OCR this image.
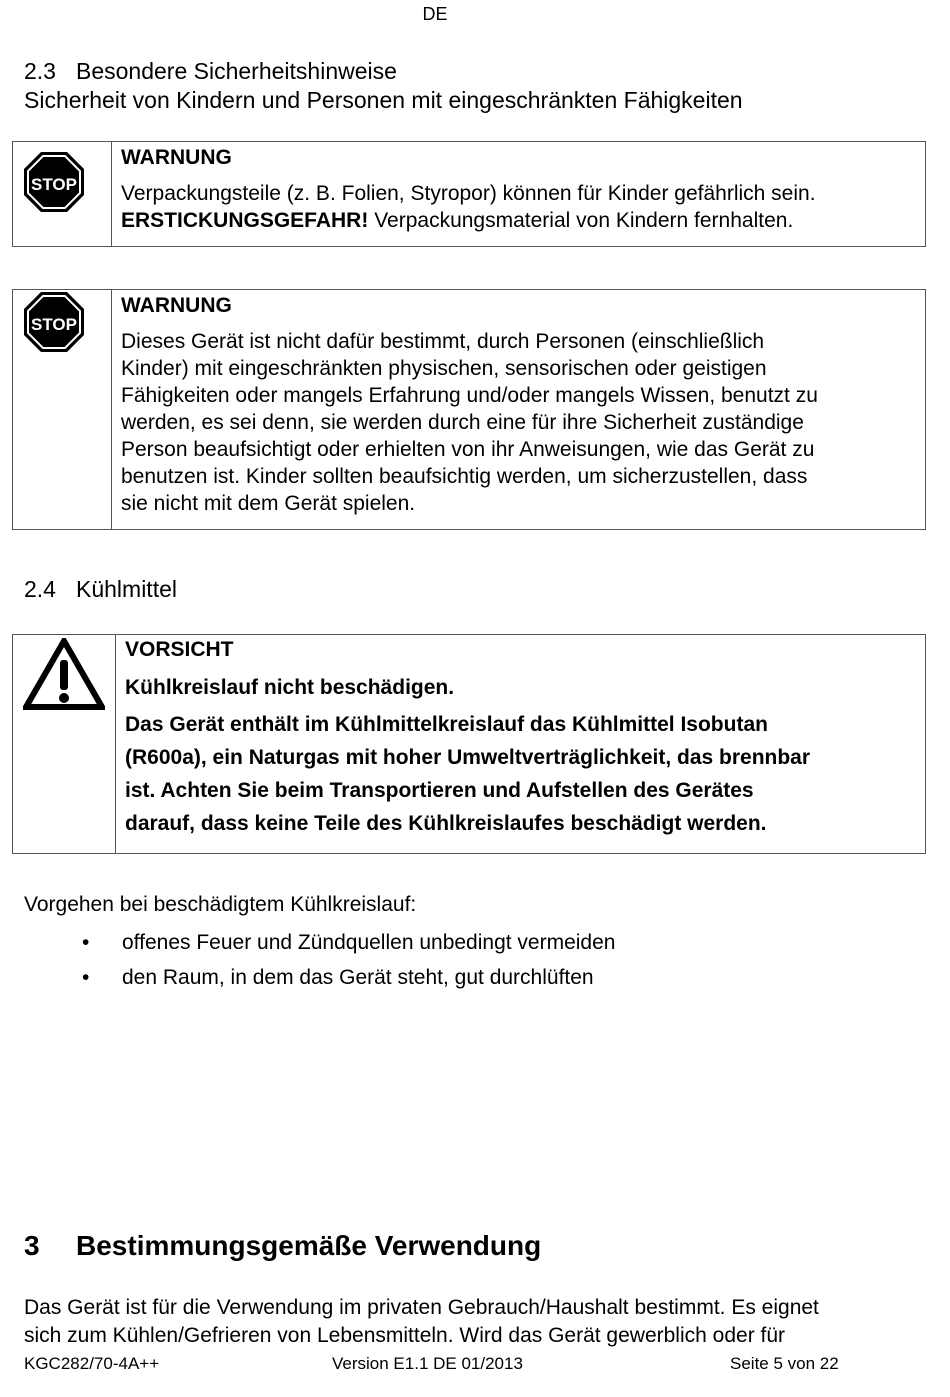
DE
2.3 Besondere Sicherheitshinweise
Sicherheit von Kindern und Personen mit eingeschränkten Fähigkeiten
STOP
WARNUNG
Verpackungsteile (z. B. Folien, Styropor) können für Kinder gefährlich sein.
ERSTICKUNGSGEFAHR! Verpackungsmaterial von Kindern fernhalten.
STOP
WARNUNG
Dieses Gerät ist nicht dafür bestimmt, durch Personen (einschließlich
Kinder) mit eingeschränkten physischen, sensorischen oder geistigen
Fähigkeiten oder mangels Erfahrung und/oder mangels Wissen, benutzt zu
werden, es sei denn, sie werden durch eine für ihre Sicherheit zuständige
Person beaufsichtigt oder erhielten von ihr Anweisungen, wie das Gerät zu
benutzen ist. Kinder sollten beaufsichtig werden, um sicherzustellen, dass
sie nicht mit dem Gerät spielen.
2.4 Kühlmittel
VORSICHT
Kühlkreislauf nicht beschädigen.
Das Gerät enthält im Kühlmittelkreislauf das Kühlmittel Isobutan
(R600a), ein Naturgas mit hoher Umweltverträglichkeit, das brennbar
ist. Achten Sie beim Transportieren und Aufstellen des Gerätes
darauf, dass keine Teile des Kühlkreislaufes beschädigt werden.
Vorgehen bei beschädigtem Kühlkreislauf:
• offenes Feuer und Zündquellen unbedingt vermeiden
• den Raum, in dem das Gerät steht, gut durchlüften
3 Bestimmungsgemäße Verwendung
Das Gerät ist für die Verwendung im privaten Gebrauch/Haushalt bestimmt. Es eignet
sich zum Kühlen/Gefrieren von Lebensmitteln. Wird das Gerät gewerblich oder für
KGC282/70-4A++	Version E1.1 DE 01/2013	Seite 5 von 22
